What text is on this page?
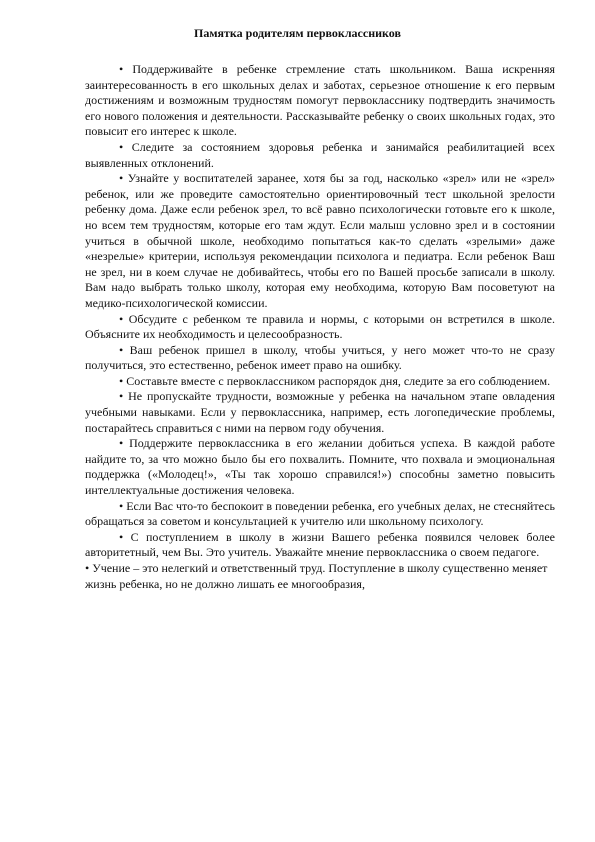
Памятка родителям первоклассников

• Поддерживайте в ребенке стремление стать школьником. Ваша искренняя заинтересованность в его школьных делах и заботах, серьезное отношение к его первым достижениям и возможным трудностям помогут первокласснику подтвердить значимость его нового положения и деятельности. Рассказывайте ребенку о своих школьных годах, это повысит его интерес к школе.

• Следите за состоянием здоровья ребенка и занимайся реабилитацией всех выявленных отклонений.

• Узнайте у воспитателей заранее, хотя бы за год, насколько «зрел» или не «зрел» ребенок, или же проведите самостоятельно ориентировочный тест школьной зрелости ребенку дома. Даже если ребенок зрел, то всё равно психологически готовьте его к школе, но всем тем трудностям, которые его там ждут. Если малыш условно зрел и в состоянии учиться в обычной школе, необходимо попытаться как-то сделать «зрелыми» даже «незрелые» критерии, используя рекомендации психолога и педиатра. Если ребенок Ваш не зрел, ни в коем случае не добивайтесь, чтобы его по Вашей просьбе записали в школу. Вам надо выбрать только школу, которая ему необходима, которую Вам посоветуют на медико-психологической комиссии.

• Обсудите с ребенком те правила и нормы, с которыми он встретился в школе. Объясните их необходимость и целесообразность.

• Ваш ребенок пришел в школу, чтобы учиться, у него может что-то не сразу получиться, это естественно, ребенок имеет право на ошибку.

• Составьте вместе с первоклассником распорядок дня, следите за его соблюдением.

• Не пропускайте трудности, возможные у ребенка на начальном этапе овладения учебными навыками. Если у первоклассника, например, есть логопедические проблемы, постарайтесь справиться с ними на первом году обучения.

• Поддержите первоклассника в его желании добиться успеха. В каждой работе найдите то, за что можно было бы его похвалить. Помните, что похвала и эмоциональная поддержка («Молодец!», «Ты так хорошо справился!») способны заметно повысить интеллектуальные достижения человека.

• Если Вас что-то беспокоит в поведении ребенка, его учебных делах, не стесняйтесь обращаться за советом и консультацией к учителю или школьному психологу.

• С поступлением в школу в жизни Вашего ребенка появился человек более авторитетный, чем Вы. Это учитель. Уважайте мнение первоклассника о своем педагоге.

• Учение – это нелегкий и ответственный труд. Поступление в школу существенно меняет жизнь ребенка, но не должно лишать ее многообразия,
